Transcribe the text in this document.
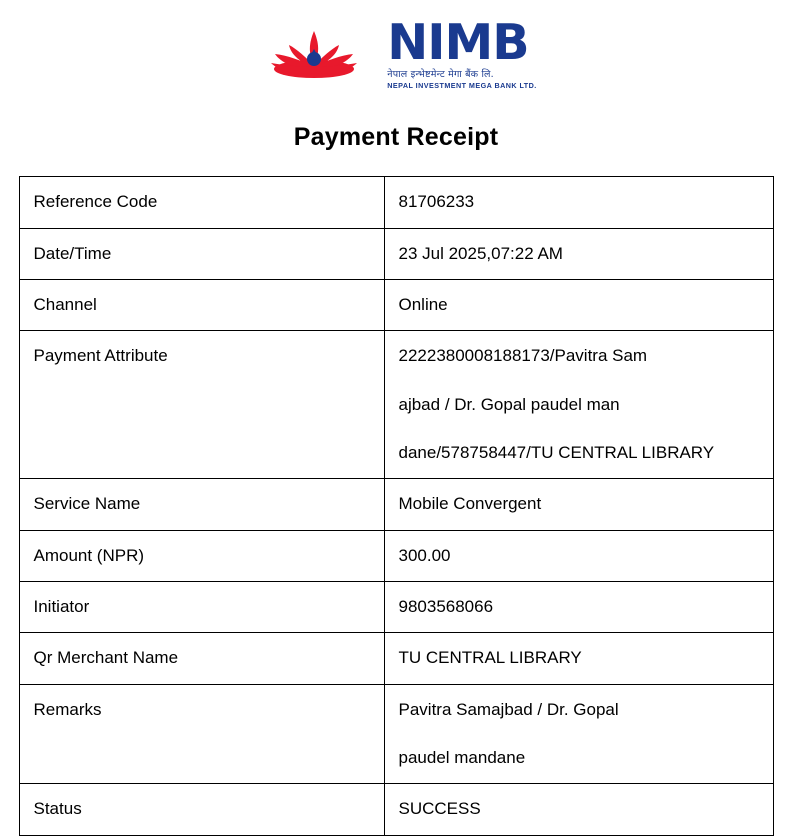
NIMB
नेपाल इन्भेष्टमेन्ट मेगा बैंक लि.
NEPAL INVESTMENT MEGA BANK LTD.
Payment Receipt
Reference Code	81706233

Date/Time	23 Jul 2025,07:22 AM

Channel	Online

Payment Attribute	2222380008188173/Pavitra Sam
ajbad / Dr. Gopal paudel man
dane/578758447/TU CENTRAL LIBRARY

Service Name	Mobile Convergent

Amount (NPR)	300.00

Initiator	9803568066

Qr Merchant Name	TU CENTRAL LIBRARY

Remarks	Pavitra Samajbad / Dr. Gopal
paudel mandane

Status	SUCCESS
